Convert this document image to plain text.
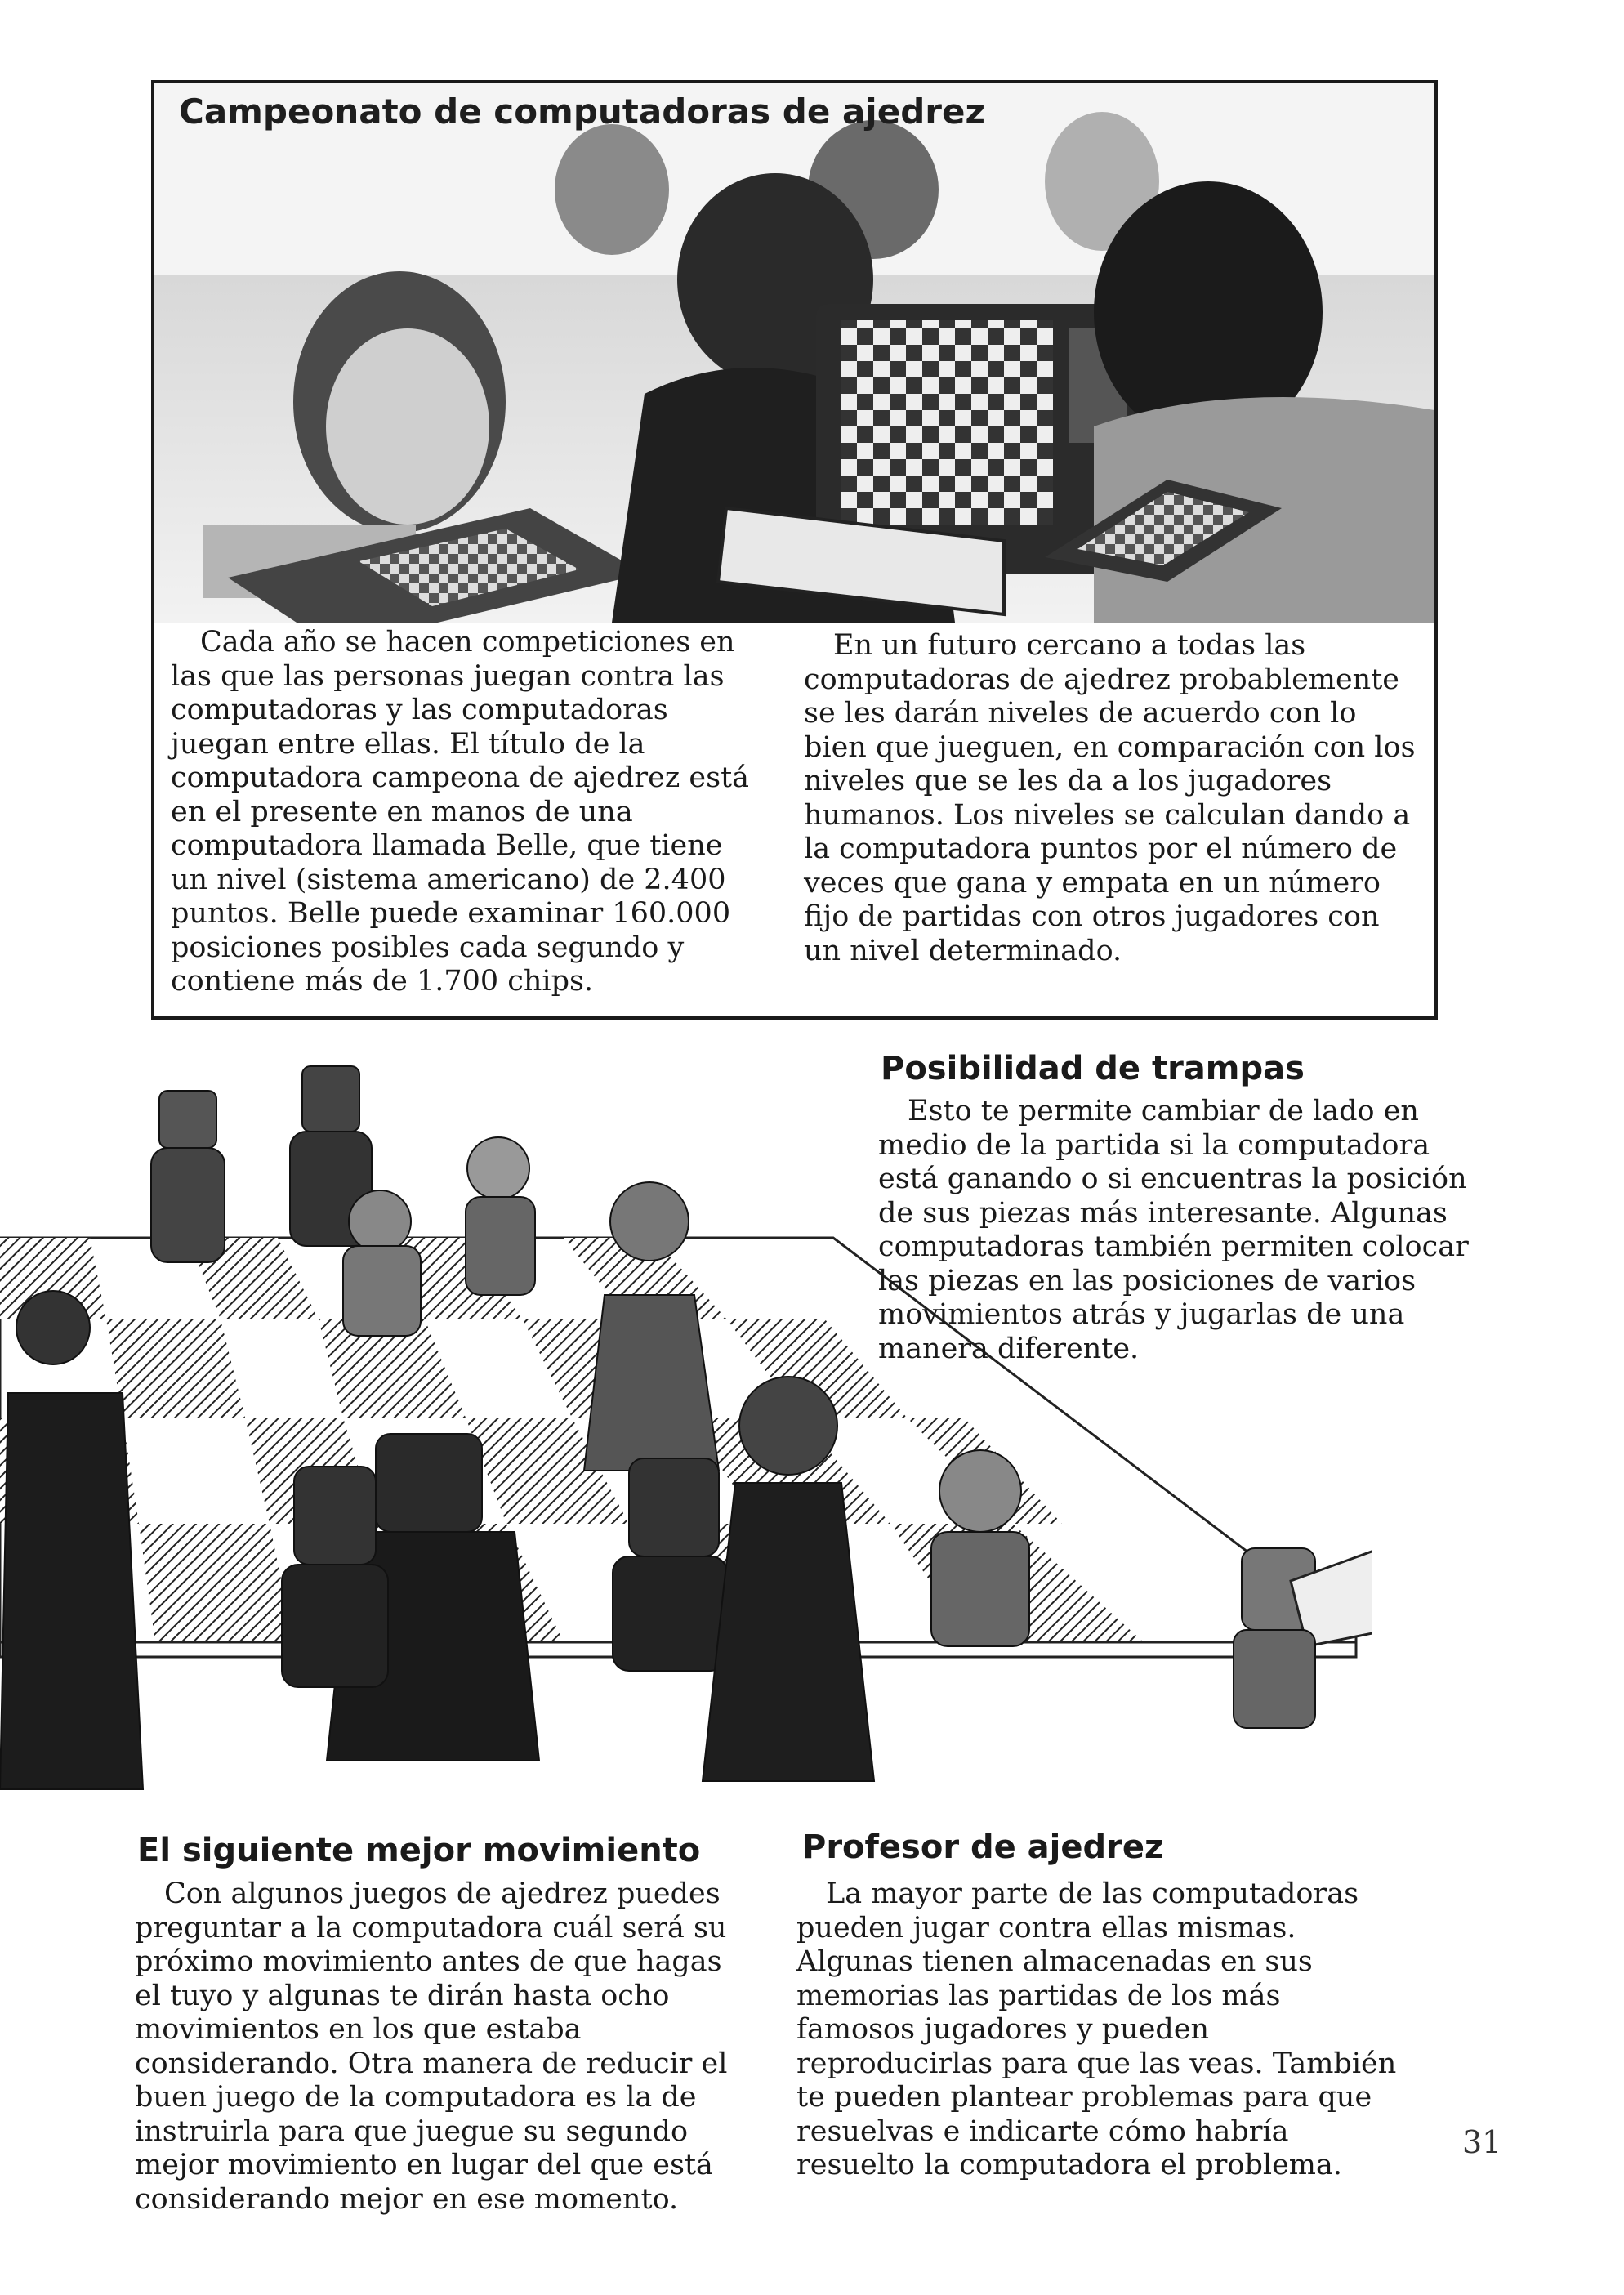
Campeonato de computadoras de ajedrez

Cada año se hacen competiciones en las que las personas juegan contra las computadoras y las computadoras juegan entre ellas. El título de la computadora campeona de ajedrez está en el presente en manos de una computadora llamada Belle, que tiene un nivel (sistema americano) de 2.400 puntos. Belle puede examinar 160.000 posiciones posibles cada segundo y contiene más de 1.700 chips.

En un futuro cercano a todas las computadoras de ajedrez probablemente se les darán niveles de acuerdo con lo bien que jueguen, en comparación con los niveles que se les da a los jugadores humanos. Los niveles se calculan dando a la computadora puntos por el número de veces que gana y empata en un número fijo de partidas con otros jugadores con un nivel determinado.

Posibilidad de trampas

Esto te permite cambiar de lado en medio de la partida si la computadora está ganando o si encuentras la posición de sus piezas más interesante. Algunas computadoras también permiten colocar las piezas en las posiciones de varios movimientos atrás y jugarlas de una manera diferente.

El siguiente mejor movimiento

Con algunos juegos de ajedrez puedes preguntar a la computadora cuál será su próximo movimiento antes de que hagas el tuyo y algunas te dirán hasta ocho movimientos en los que estaba considerando. Otra manera de reducir el buen juego de la computadora es la de instruirla para que juegue su segundo mejor movimiento en lugar del que está considerando mejor en ese momento.

Profesor de ajedrez

La mayor parte de las computadoras pueden jugar contra ellas mismas. Algunas tienen almacenadas en sus memorias las partidas de los más famosos jugadores y pueden reproducirlas para que las veas. También te pueden plantear problemas para que resuelvas e indicarte cómo habría resuelto la computadora el problema.

31
